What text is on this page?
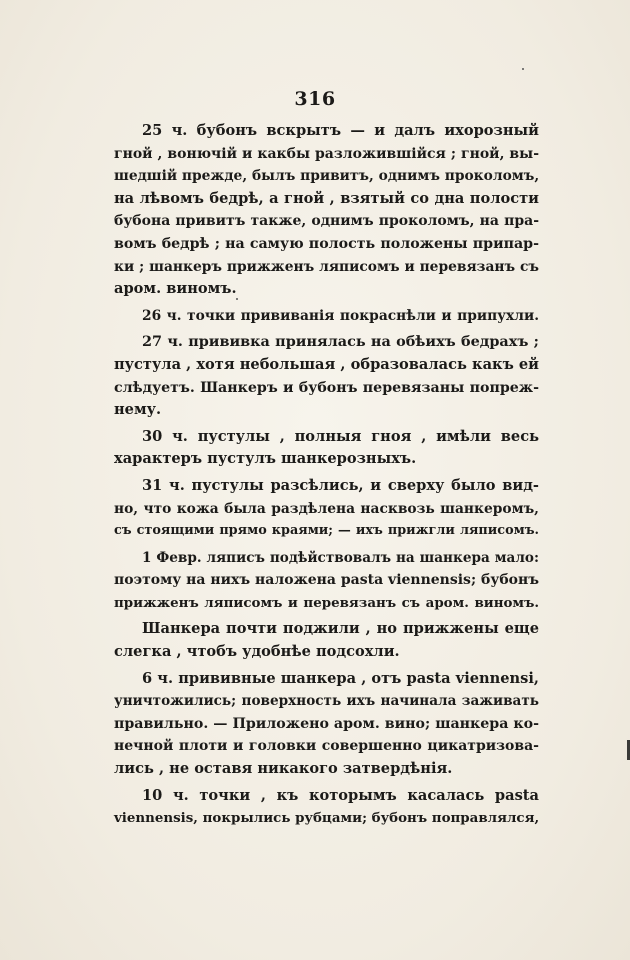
316
25 ч. бубонъ вскрытъ — и далъ ихорозный
гной , вонючій и какбы разложившійся ; гной, вы-
шедшій прежде, былъ привитъ, однимъ прокoломъ,
на лѣвомъ бедрѣ, а гной , взятый со дна полости
бубона привитъ также, однимъ прокoломъ, на пра-
вомъ бедрѣ ; на самую полость положены припар-
ки ; шанкеръ прижженъ ляписомъ и перевязанъ съ
аром. виномъ.
26 ч. точки прививанія покраснѣли и припухли.
27 ч. прививка принялась на обѣихъ бедрахъ ;
пустула , хотя небольшая , образовалась какъ ей
слѣдуетъ. Шанкеръ и бубонъ перевязаны попреж-
нему.
30 ч. пустулы , полныя гноя , имѣли весь
характеръ пустулъ шанкерозныхъ.
31 ч. пустулы разсѣлись, и сверху было вид-
но, что кожа была раздѣлена насквозь шанкеромъ,
съ стоящими прямо краями; — ихъ прижгли ляписомъ.
1 Февр. ляписъ подѣйствовалъ на шанкера мало:
поэтому на нихъ наложена pasta viennensis; бубонъ
прижженъ ляписомъ и перевязанъ съ аром. виномъ.
Шанкера почти поджили , но прижжены еще
слегка , чтобъ удобнѣе подсохли.
6 ч. прививные шанкера , отъ pasta viennensi,
уничтожились; поверхность ихъ начинала заживать
правильно. — Приложено аром. вино; шанкера ко-
нечной плоти и головки совершенно цикатризова-
лись , не оставя никакого затвердѣнія.
10 ч. точки , къ которымъ касалась pasta
viennensis, покрылись рубцами; бубонъ поправлялся,
